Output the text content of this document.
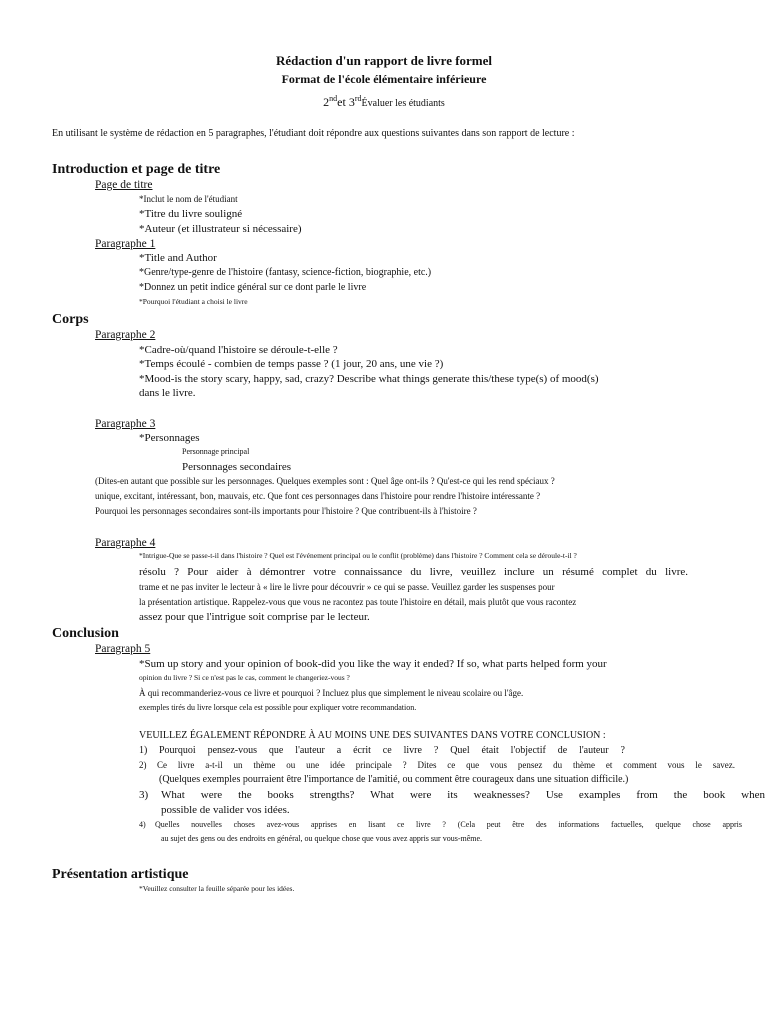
Rédaction d'un rapport de livre formel
Format de l'école élémentaire inférieure
2ndet 3rdÉvaluer les étudiants
En utilisant le système de rédaction en 5 paragraphes, l'étudiant doit répondre aux questions suivantes dans son rapport de lecture :
Introduction et page de titre
Page de titre
*Inclut le nom de l'étudiant
*Titre du livre souligné
*Auteur (et illustrateur si nécessaire)
Paragraphe 1
*Title and Author
*Genre/type-genre de l'histoire (fantasy, science-fiction, biographie, etc.)
*Donnez un petit indice général sur ce dont parle le livre
*Pourquoi l'étudiant a choisi le livre
Corps
Paragraphe 2
*Cadre-où/quand l'histoire se déroule-t-elle ?
*Temps écoulé - combien de temps passe ? (1 jour, 20 ans, une vie ?)
*Mood-is the story scary, happy, sad, crazy? Describe what things generate this/these type(s) of mood(s)
dans le livre.
Paragraphe 3
*Personnages
Personnage principal
Personnages secondaires
(Dites-en autant que possible sur les personnages. Quelques exemples sont : Quel âge ont-ils ? Qu'est-ce qui les rend spéciaux ?
unique, excitant, intéressant, bon, mauvais, etc. Que font ces personnages dans l'histoire pour rendre l'histoire intéressante ?
Pourquoi les personnages secondaires sont-ils importants pour l'histoire ? Que contribuent-ils à l'histoire ?
Paragraphe 4
*Intrigue-Que se passe-t-il dans l'histoire ? Quel est l'événement principal ou le conflit (problème) dans l'histoire ? Comment cela se déroule-t-il ?
résolu ? Pour aider à démontrer votre connaissance du livre, veuillez inclure un résumé complet du livre.
trame et ne pas inviter le lecteur à « lire le livre pour découvrir » ce qui se passe. Veuillez garder les suspenses pour
la présentation artistique. Rappelez-vous que vous ne racontez pas toute l'histoire en détail, mais plutôt que vous racontez
assez pour que l'intrigue soit comprise par le lecteur.
Conclusion
Paragraph 5
*Sum up story and your opinion of book-did you like the way it ended? If so, what parts helped form your
opinion du livre ? Si ce n'est pas le cas, comment le changeriez-vous ?
À qui recommanderiez-vous ce livre et pourquoi ? Incluez plus que simplement le niveau scolaire ou l'âge.
exemples tirés du livre lorsque cela est possible pour expliquer votre recommandation.
VEUILLEZ ÉGALEMENT RÉPONDRE À AU MOINS UNE DES SUIVANTES DANS VOTRE CONCLUSION :
1) Pourquoi pensez-vous que l'auteur a écrit ce livre ? Quel était l'objectif de l'auteur ?
2) Ce livre a-t-il un thème ou une idée principale ? Dites ce que vous pensez du thème et comment vous le savez.
(Quelques exemples pourraient être l'importance de l'amitié, ou comment être courageux dans une situation difficile.)
3) What were the books strengths? What were its weaknesses? Use examples from the book when
possible de valider vos idées.
4) Quelles nouvelles choses avez-vous apprises en lisant ce livre ? (Cela peut être des informations factuelles, quelque chose appris
au sujet des gens ou des endroits en général, ou quelque chose que vous avez appris sur vous-même.
Présentation artistique
*Veuillez consulter la feuille séparée pour les idées.
